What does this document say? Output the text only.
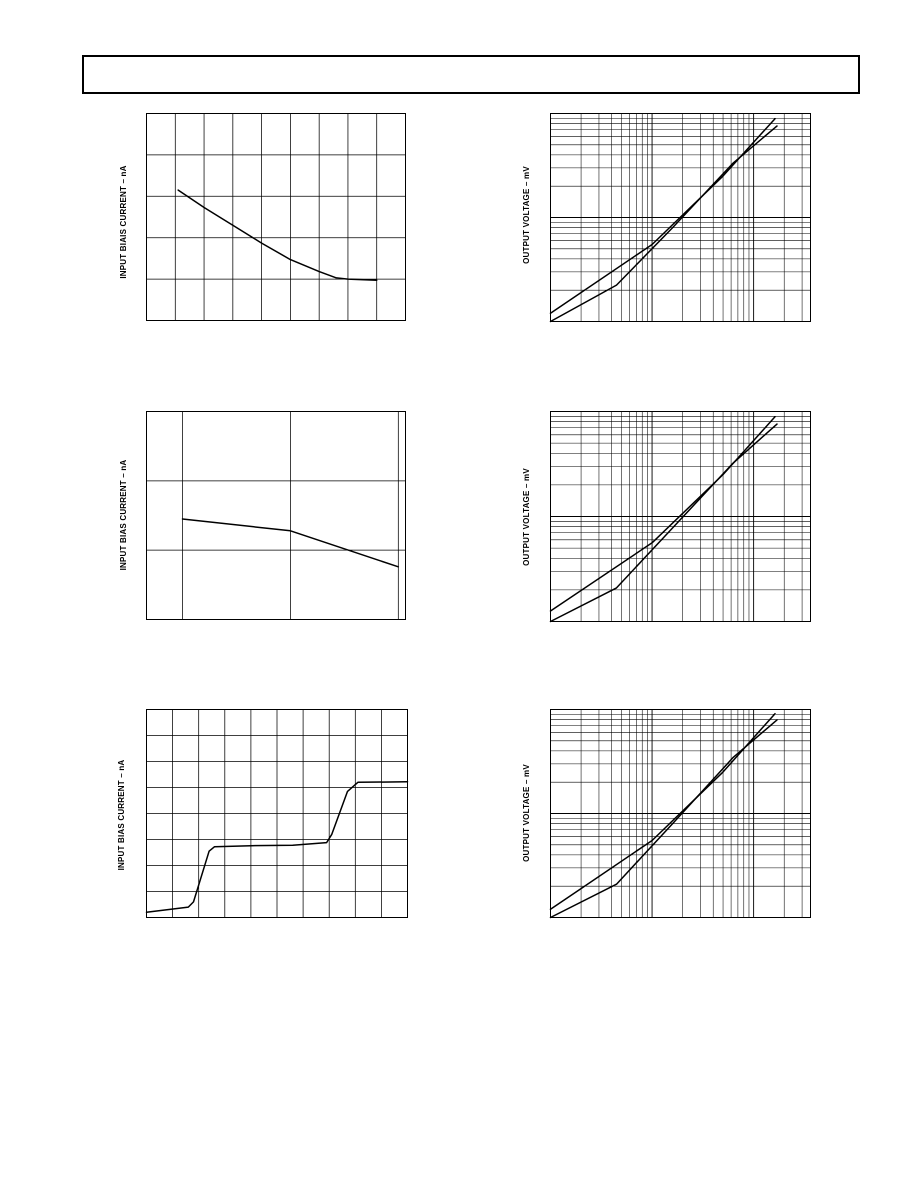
INPUT BIAIS CURRENT – nA
INPUT BIAS CURRENT – nA
INPUT BIAS CURRENT – nA
OUTPUT VOLTAGE – mV
OUTPUT VOLTAGE – mV
OUTPUT VOLTAGE – mV
